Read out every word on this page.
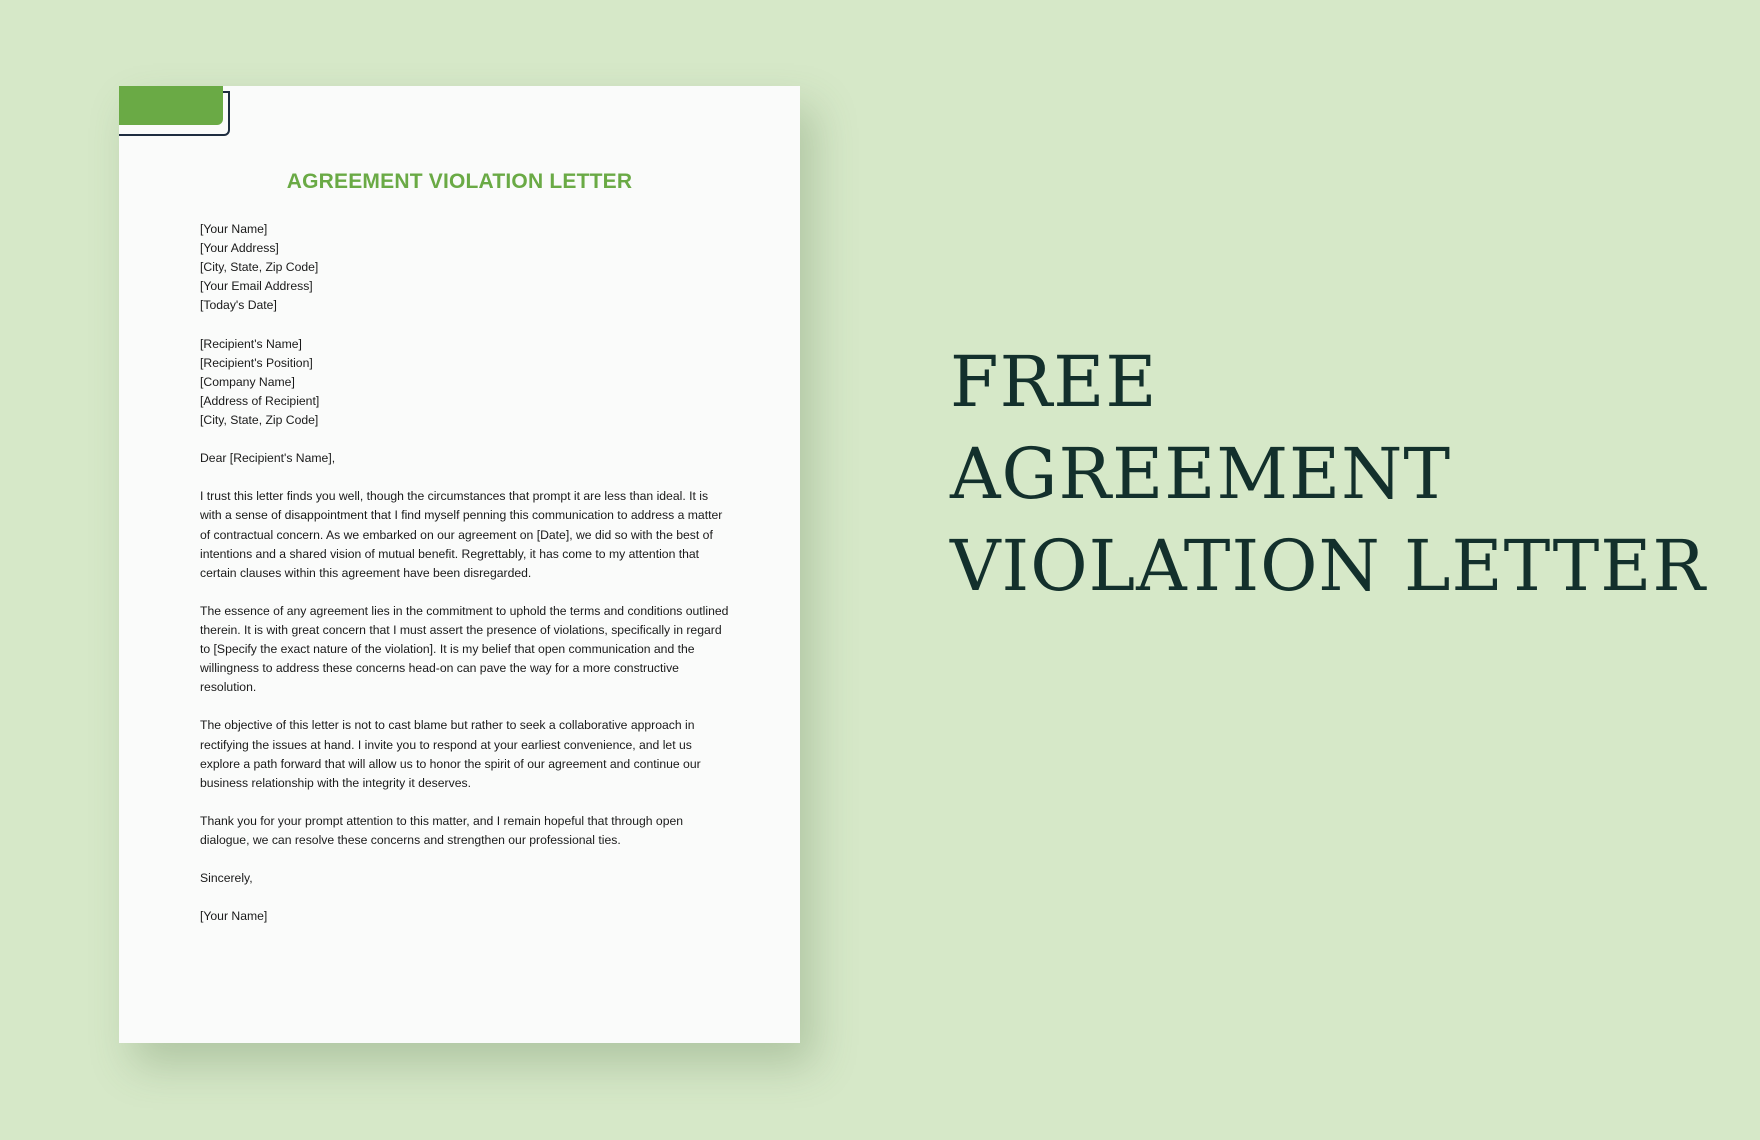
AGREEMENT VIOLATION LETTER
[Your Name]
[Your Address]
[City, State, Zip Code]
[Your Email Address]
[Today's Date]
[Recipient's Name]
[Recipient's Position]
[Company Name]
[Address of Recipient]
[City, State, Zip Code]

Dear [Recipient's Name],

I trust this letter finds you well, though the circumstances that prompt it are less than ideal. It is with a sense of disappointment that I find myself penning this communication to address a matter of contractual concern. As we embarked on our agreement on [Date], we did so with the best of intentions and a shared vision of mutual benefit. Regrettably, it has come to my attention that certain clauses within this agreement have been disregarded.

The essence of any agreement lies in the commitment to uphold the terms and conditions outlined therein. It is with great concern that I must assert the presence of violations, specifically in regard to [Specify the exact nature of the violation]. It is my belief that open communication and the willingness to address these concerns head-on can pave the way for a more constructive resolution.

The objective of this letter is not to cast blame but rather to seek a collaborative approach in rectifying the issues at hand. I invite you to respond at your earliest convenience, and let us explore a path forward that will allow us to honor the spirit of our agreement and continue our business relationship with the integrity it deserves.

Thank you for your prompt attention to this matter, and I remain hopeful that through open dialogue, we can resolve these concerns and strengthen our professional ties.

Sincerely,

[Your Name]

FREE
AGREEMENT
VIOLATION LETTER
